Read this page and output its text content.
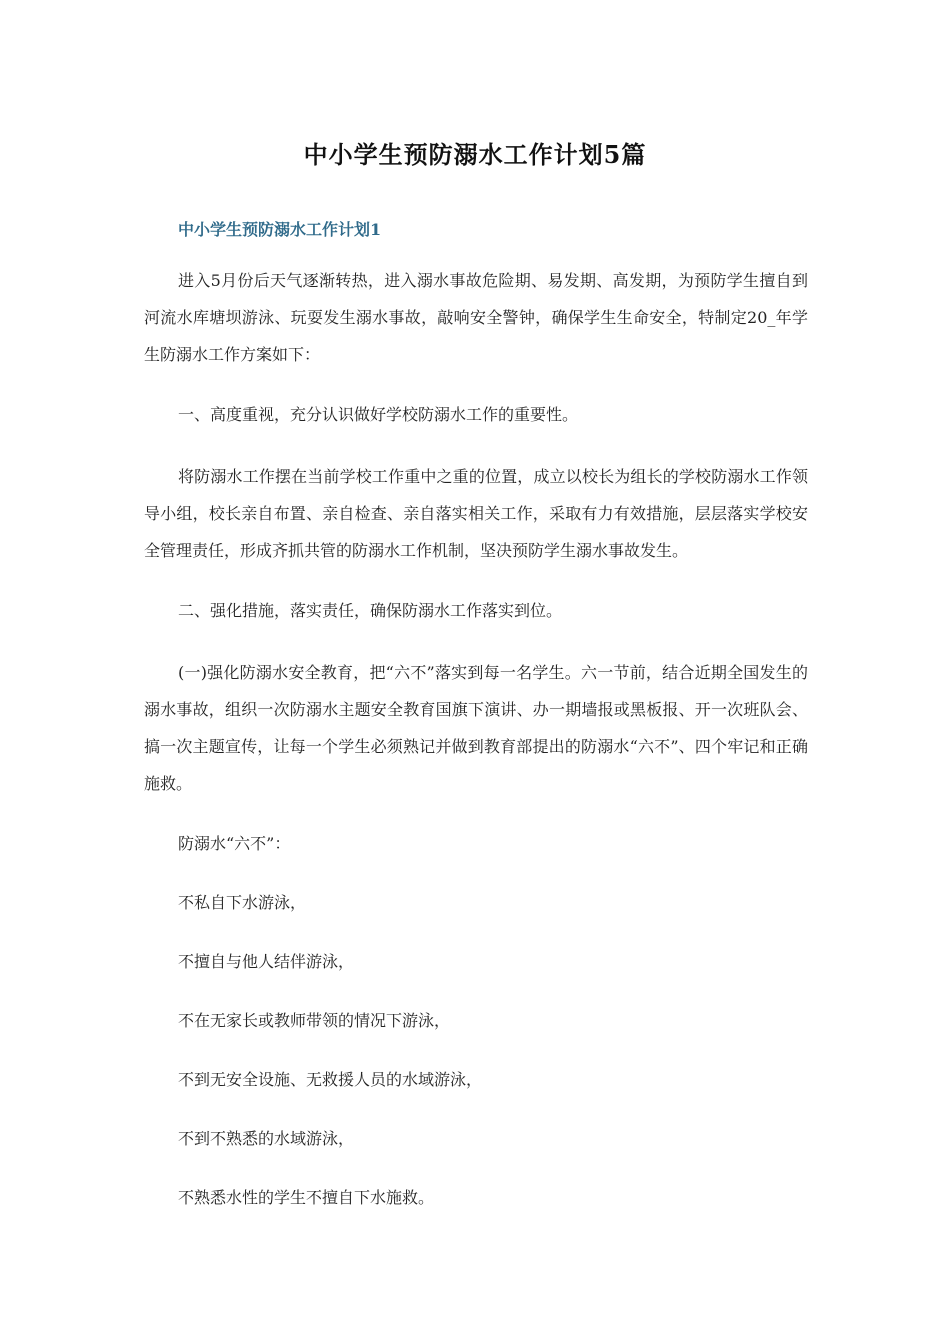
中小学生预防溺水工作计划5篇
中小学生预防溺水工作计划1

进入5月份后天气逐渐转热，进入溺水事故危险期、易发期、高发期，为预防学生擅自到河流水库塘坝游泳、玩耍发生溺水事故，敲响安全警钟，确保学生生命安全，特制定20_年学生防溺水工作方案如下：

一、高度重视，充分认识做好学校防溺水工作的重要性。

将防溺水工作摆在当前学校工作重中之重的位置，成立以校长为组长的学校防溺水工作领导小组，校长亲自布置、亲自检查、亲自落实相关工作，采取有力有效措施，层层落实学校安全管理责任，形成齐抓共管的防溺水工作机制，坚决预防学生溺水事故发生。

二、强化措施，落实责任，确保防溺水工作落实到位。

(一)强化防溺水安全教育，把“六不”落实到每一名学生。六一节前，结合近期全国发生的溺水事故，组织一次防溺水主题安全教育国旗下演讲、办一期墙报或黑板报、开一次班队会、搞一次主题宣传，让每一个学生必须熟记并做到教育部提出的防溺水“六不”、四个牢记和正确施救。

防溺水“六不”：

不私自下水游泳，

不擅自与他人结伴游泳，

不在无家长或教师带领的情况下游泳，

不到无安全设施、无救援人员的水域游泳，

不到不熟悉的水域游泳，

不熟悉水性的学生不擅自下水施救。
